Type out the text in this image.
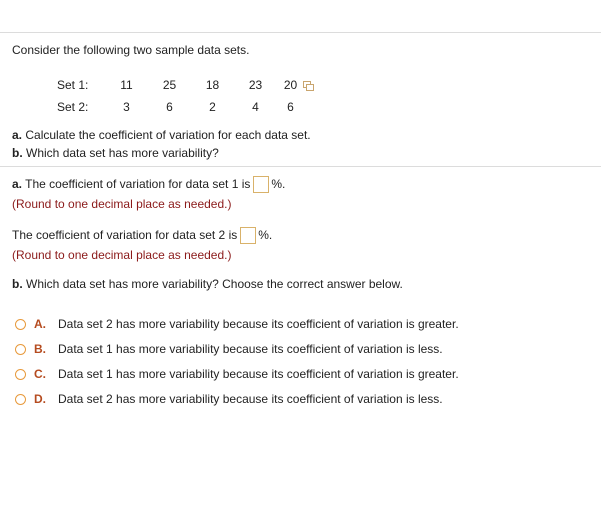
Consider the following two sample data sets.
Set 1:	11	25	18	23	20

Set 2:	3	6	2	4	6
a. Calculate the coefficient of variation for each data set.
b. Which data set has more variability?
a. The coefficient of variation for data set 1 is %.
(Round to one decimal place as needed.)
The coefficient of variation for data set 2 is %.
(Round to one decimal place as needed.)
b. Which data set has more variability? Choose the correct answer below.
A.	Data set 2 has more variability because its coefficient of variation is greater.
B.	Data set 1 has more variability because its coefficient of variation is less.
C.	Data set 1 has more variability because its coefficient of variation is greater.
D.	Data set 2 has more variability because its coefficient of variation is less.
